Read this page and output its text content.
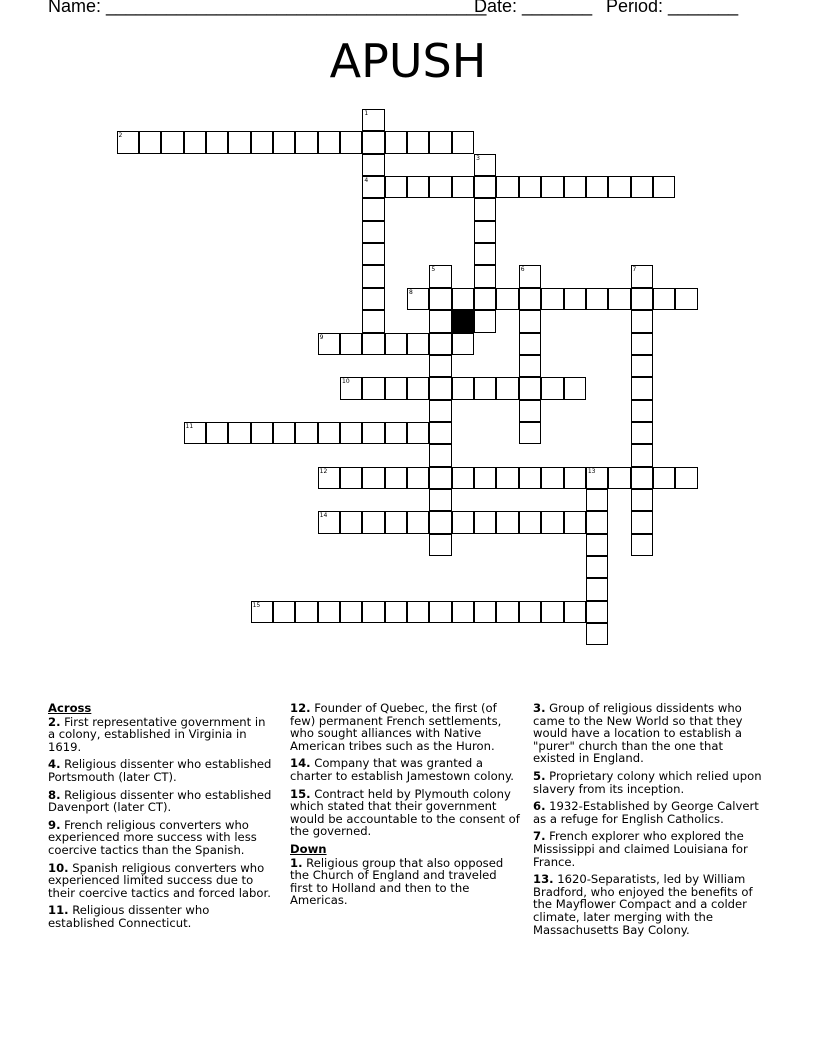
Name: ______________________________________
Date: _______ Period: _______
APUSH
1
4
2
3
5	6	7
8
9
10
11
12	13
14
15
Across
2. First representative government in a colony, established in Virginia in 1619.
4. Religious dissenter who established Portsmouth (later CT).
8. Religious dissenter who established Davenport (later CT).
9. French religious converters who experienced more success with less coercive tactics than the Spanish.
10. Spanish religious converters who experienced limited success due to their coercive tactics and forced labor.
11. Religious dissenter who established Connecticut.
12. Founder of Quebec, the first (of few) permanent French settlements, who sought alliances with Native American tribes such as the Huron.
14. Company that was granted a charter to establish Jamestown colony.
15. Contract held by Plymouth colony which stated that their government would be accountable to the consent of the governed.
Down
1. Religious group that also opposed the Church of England and traveled first to Holland and then to the Americas.
3. Group of religious dissidents who came to the New World so that they would have a location to establish a "purer" church than the one that existed in England.
5. Proprietary colony which relied upon slavery from its inception.
6. 1932-Established by George Calvert as a refuge for English Catholics.
7. French explorer who explored the Mississippi and claimed Louisiana for France.
13. 1620-Separatists, led by William Bradford, who enjoyed the benefits of the Mayflower Compact and a colder climate, later merging with the Massachusetts Bay Colony.
